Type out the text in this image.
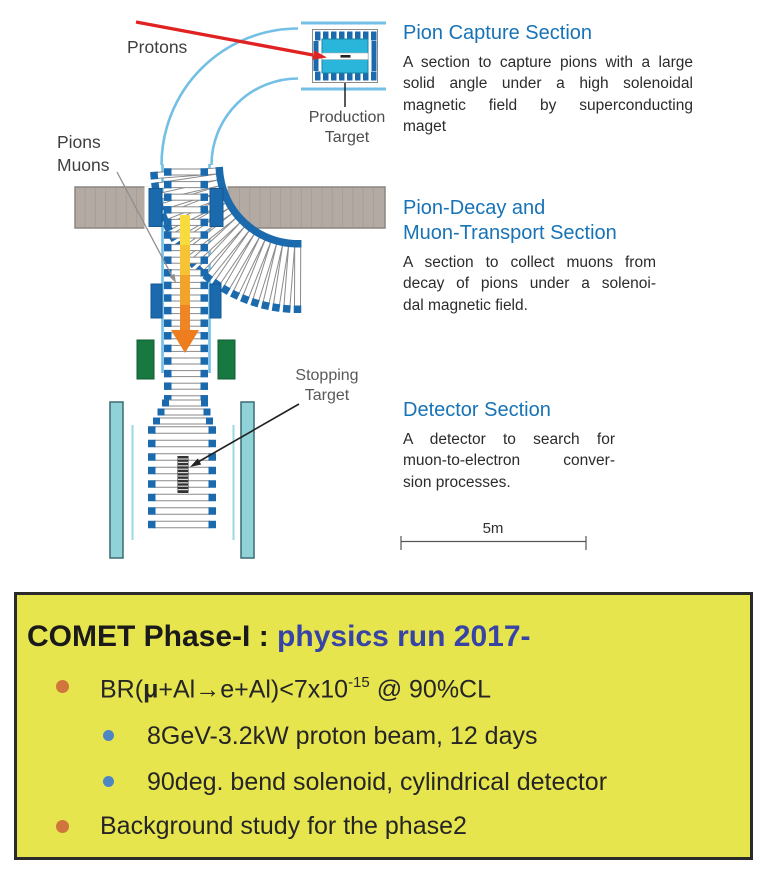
Protons
Pions
Muons
Production
Target
Stopping
Target
5m
Pion Capture Section
A section to capture pions with a large
solid angle under a high solenoidal
magnetic field by superconducting
maget
Pion-Decay and
Muon-Transport Section
A section to collect muons from
decay of pions under a solenoi-
dal magnetic field.
Detector Section
A detector to search for
muon-to-electron conver-
sion processes.
COMET Phase-I : physics run 2017-
$BR(\mu+Al\to e+Al)<7x10^{-15}$ @ 90%CL
8GeV-3.2kW proton beam, 12 days
90deg. bend solenoid, cylindrical detector
Background study for the phase2
